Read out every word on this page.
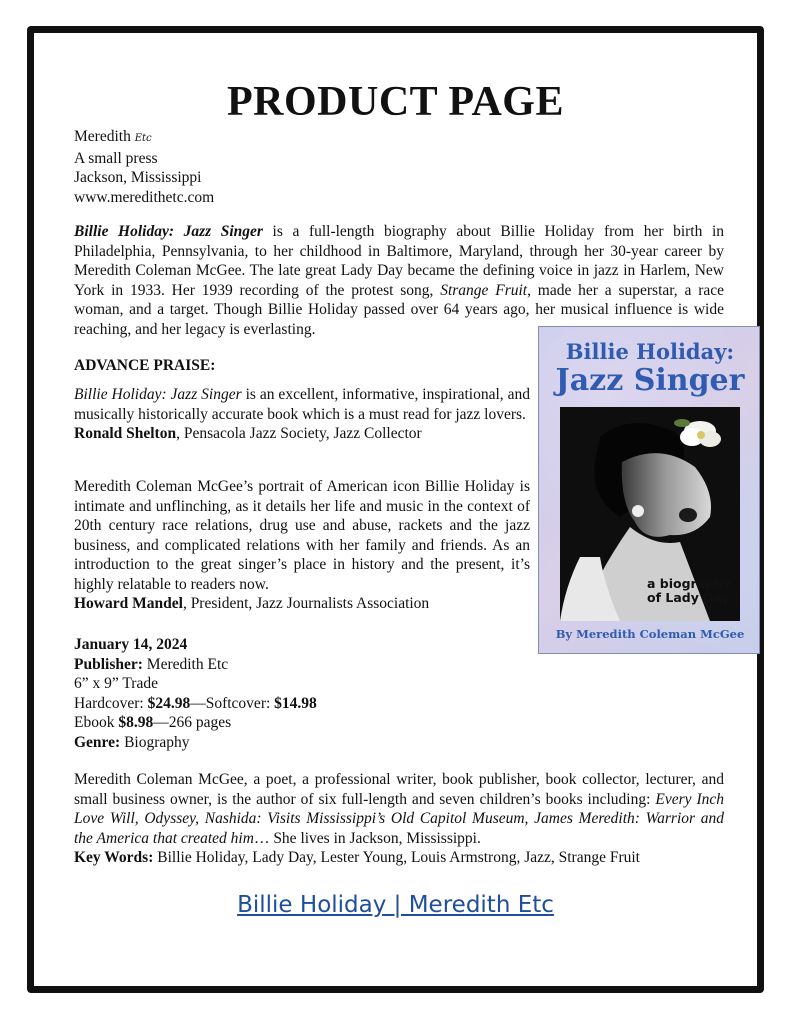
PRODUCT PAGE
Meredith Etc
A small press
Jackson, Mississippi
www.meredithetc.com
Billie Holiday: Jazz Singer is a full-length biography about Billie Holiday from her birth in Philadelphia, Pennsylvania, to her childhood in Baltimore, Maryland, through her 30-year career by Meredith Coleman McGee. The late great Lady Day became the defining voice in jazz in Harlem, New York in 1933. Her 1939 recording of the protest song, Strange Fruit, made her a superstar, a race woman, and a target. Though Billie Holiday passed over 64 years ago, her musical influence is wide reaching, and her legacy is everlasting.
ADVANCE PRAISE:
Billie Holiday: Jazz Singer is an excellent, informative, inspirational, and musically historically accurate book which is a must read for jazz lovers.
Ronald Shelton, Pensacola Jazz Society, Jazz Collector
Meredith Coleman McGee’s portrait of American icon Billie Holiday is intimate and unflinching, as it details her life and music in the context of 20th century race relations, drug use and abuse, rackets and the jazz business, and complicated relations with her family and friends. As an introduction to the great singer’s place in history and the present, it’s highly relatable to readers now.
Howard Mandel, President, Jazz Journalists Association
January 14, 2024
Publisher: Meredith Etc
6” x 9” Trade
Hardcover: $24.98—Softcover: $14.98
Ebook $8.98—266 pages
Genre: Biography
Meredith Coleman McGee, a poet, a professional writer, book publisher, book collector, lecturer, and small business owner, is the author of six full-length and seven children’s books including: Every Inch Love Will, Odyssey, Nashida: Visits Mississippi’s Old Capitol Museum, James Meredith: Warrior and the America that created him… She lives in Jackson, Mississippi.
Key Words: Billie Holiday, Lady Day, Lester Young, Louis Armstrong, Jazz, Strange Fruit
Billie Holiday | Meredith Etc
Billie Holiday:
Jazz Singer
a biography
of Lady Day
By Meredith Coleman McGee
